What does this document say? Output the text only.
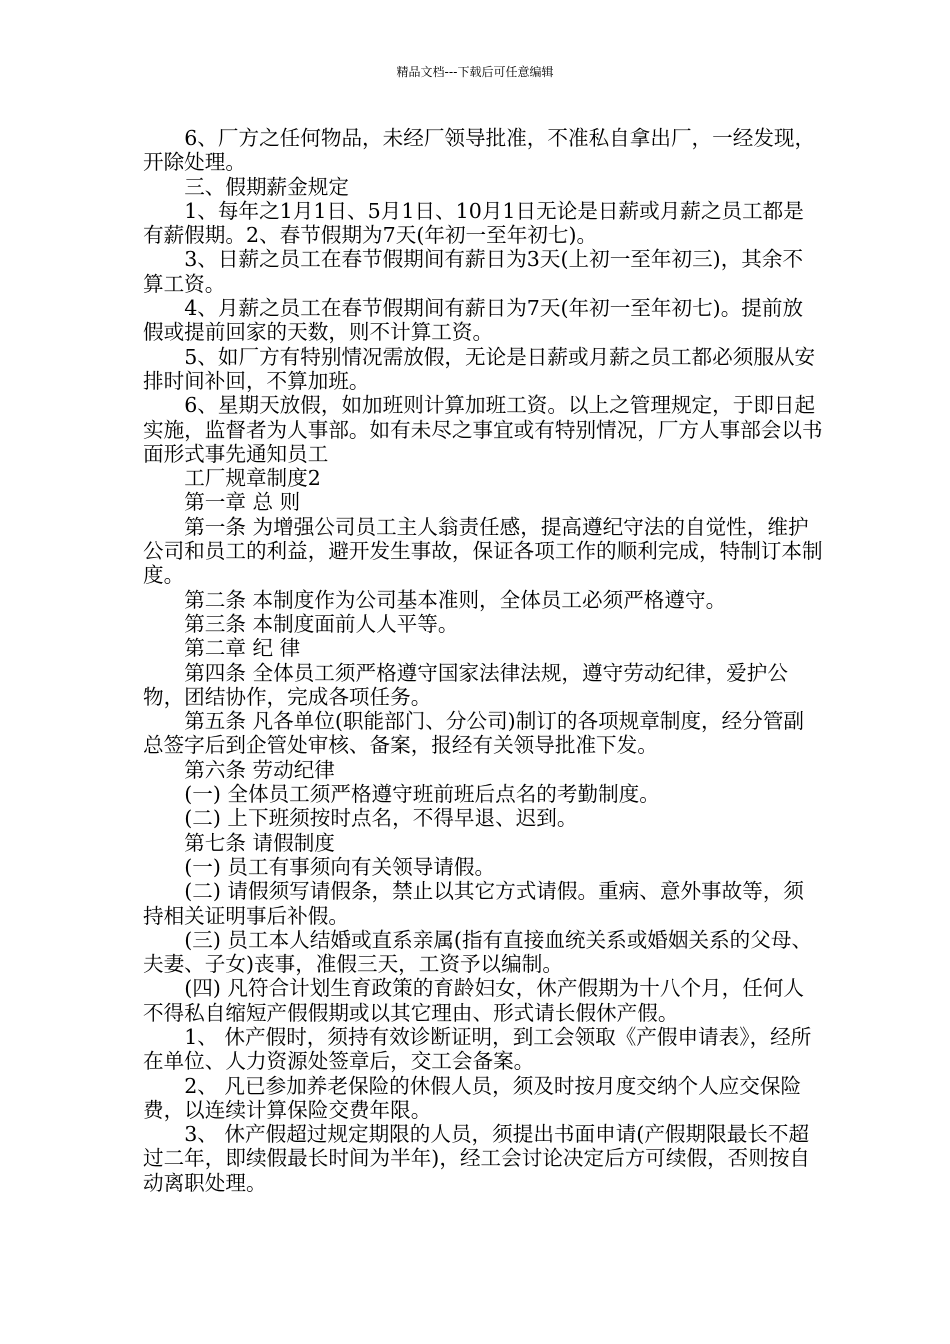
精品文档---下载后可任意编辑

6、厂方之任何物品，未经厂领导批准，不准私自拿出厂，一经发现，开除处理。

三、假期薪金规定

1、每年之1月1日、5月1日、10月1日无论是日薪或月薪之员工都是有薪假期。2、春节假期为7天(年初一至年初七)。

3、日薪之员工在春节假期间有薪日为3天(上初一至年初三)，其余不算工资。

4、月薪之员工在春节假期间有薪日为7天(年初一至年初七)。提前放假或提前回家的天数，则不计算工资。

5、如厂方有特别情况需放假，无论是日薪或月薪之员工都必须服从安排时间补回，不算加班。

6、星期天放假，如加班则计算加班工资。以上之管理规定，于即日起实施，监督者为人事部。如有未尽之事宜或有特别情况，厂方人事部会以书面形式事先通知员工

工厂规章制度2

第一章 总 则

第一条 为增强公司员工主人翁责任感，提高遵纪守法的自觉性，维护公司和员工的利益，避开发生事故，保证各项工作的顺利完成，特制订本制度。

第二条 本制度作为公司基本准则，全体员工必须严格遵守。

第三条 本制度面前人人平等。

第二章 纪 律

第四条 全体员工须严格遵守国家法律法规，遵守劳动纪律，爱护公物，团结协作，完成各项任务。

第五条 凡各单位(职能部门、分公司)制订的各项规章制度，经分管副总签字后到企管处审核、备案，报经有关领导批准下发。

第六条 劳动纪律

(一) 全体员工须严格遵守班前班后点名的考勤制度。

(二) 上下班须按时点名，不得早退、迟到。

第七条 请假制度

(一) 员工有事须向有关领导请假。

(二) 请假须写请假条，禁止以其它方式请假。重病、意外事故等，须持相关证明事后补假。

(三) 员工本人结婚或直系亲属(指有直接血统关系或婚姻关系的父母、夫妻、子女)丧事，准假三天，工资予以编制。

(四) 凡符合计划生育政策的育龄妇女，休产假期为十八个月，任何人不得私自缩短产假假期或以其它理由、形式请长假休产假。

1、 休产假时，须持有效诊断证明，到工会领取《产假申请表》，经所在单位、人力资源处签章后，交工会备案。

2、 凡已参加养老保险的休假人员，须及时按月度交纳个人应交保险费，以连续计算保险交费年限。

3、 休产假超过规定期限的人员，须提出书面申请(产假期限最长不超过二年，即续假最长时间为半年)，经工会讨论决定后方可续假，否则按自动离职处理。
